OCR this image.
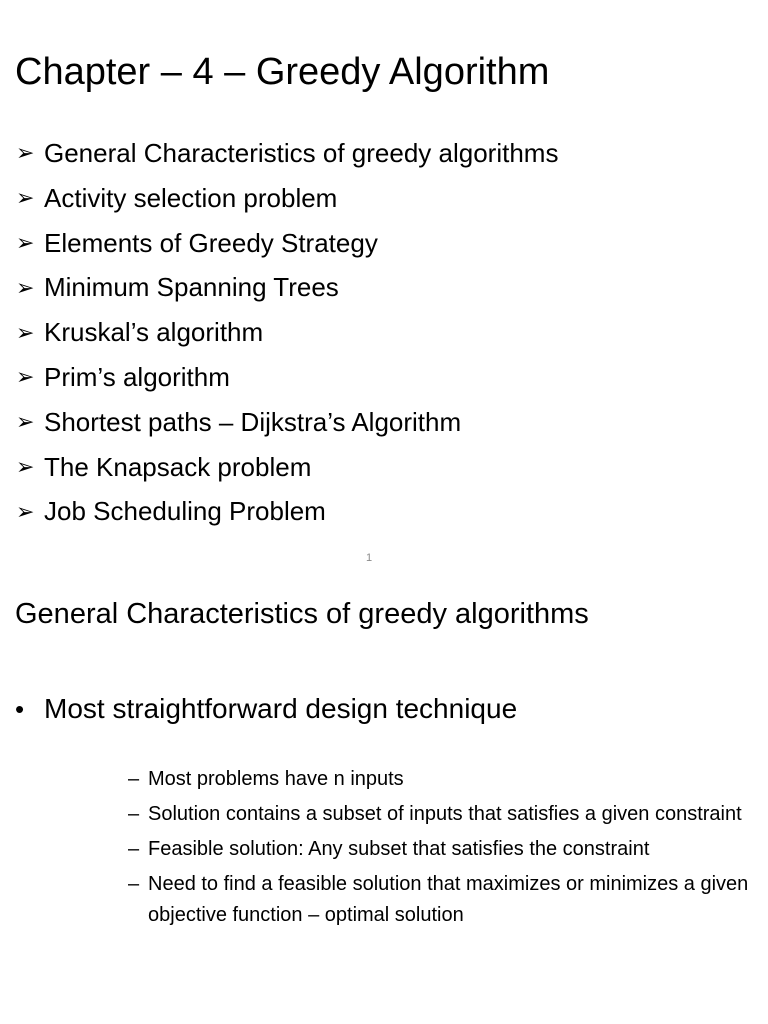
Chapter – 4 – Greedy Algorithm
➢ General Characteristics of greedy algorithms
➢ Activity selection problem
➢ Elements of Greedy Strategy
➢ Minimum Spanning Trees
➢ Kruskal’s algorithm
➢ Prim’s algorithm
➢ Shortest paths – Dijkstra’s Algorithm
➢ The Knapsack problem
➢ Job Scheduling Problem
1
General Characteristics of greedy algorithms
• Most straightforward design technique
– Most problems have n inputs
– Solution contains a subset of inputs that satisfies a given constraint
– Feasible solution: Any subset that satisfies the constraint
– Need to find a feasible solution that maximizes or minimizes a given objective function – optimal solution
